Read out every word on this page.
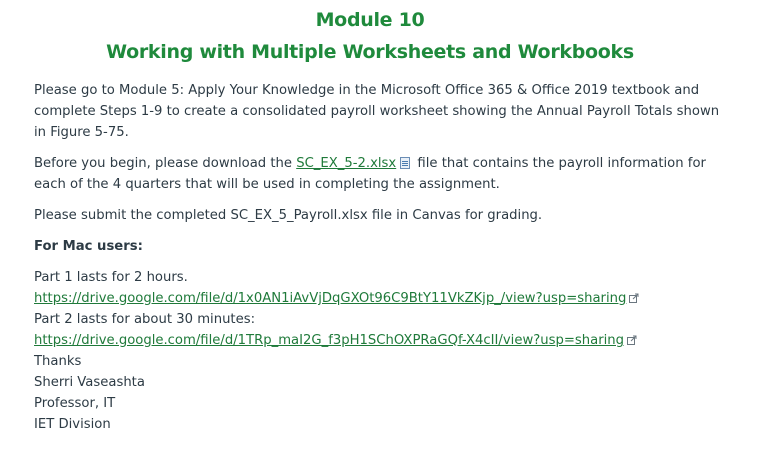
Module 10
Working with Multiple Worksheets and Workbooks

Please go to Module 5: Apply Your Knowledge in the Microsoft Office 365 & Office 2019 textbook and complete Steps 1-9 to create a consolidated payroll worksheet showing the Annual Payroll Totals shown in Figure 5-75.

Before you begin, please download the SC_EX_5-2.xlsx file that contains the payroll information for each of the 4 quarters that will be used in completing the assignment.

Please submit the completed SC_EX_5_Payroll.xlsx file in Canvas for grading.

For Mac users:

Part 1 lasts for 2 hours.

https://drive.google.com/file/d/1x0AN1iAvVjDqGXOt96C9BtY11VkZKjp_/view?usp=sharing

Part 2 lasts for about 30 minutes:

https://drive.google.com/file/d/1TRp_maI2G_f3pH1SChOXPRaGQf-X4cII/view?usp=sharing

Thanks

Sherri Vaseashta

Professor, IT

IET Division
